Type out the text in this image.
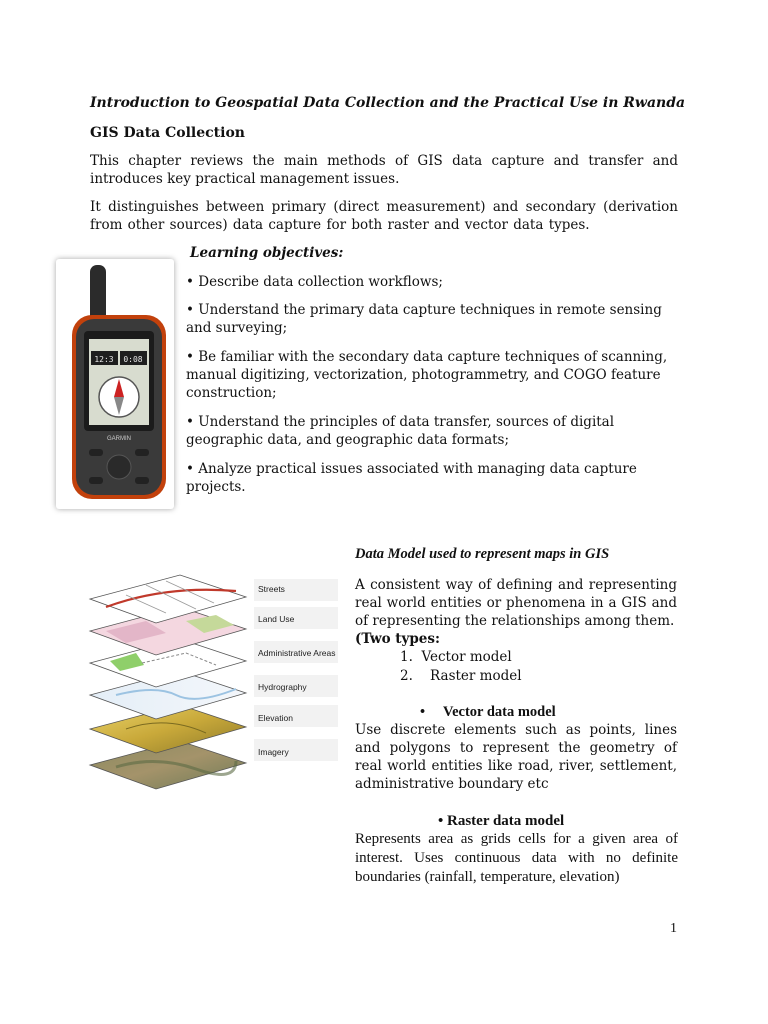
Introduction to Geospatial Data Collection and the Practical Use in Rwanda

GIS Data Collection

This chapter reviews the main methods of GIS data capture and transfer and introduces key practical management issues.

It distinguishes between primary (direct measurement) and secondary (derivation from other sources) data capture for both raster and vector data types.

12:3 0:08
GARMIN

Learning objectives:

• Describe data collection workflows;

• Understand the primary data capture techniques in remote sensing and surveying;

• Be familiar with the secondary data capture techniques of scanning, manual digitizing, vectorization, photogrammetry, and COGO feature construction;

• Understand the principles of data transfer, sources of digital geographic data, and geographic data formats;

• Analyze practical issues associated with managing data capture projects.

Streets
Land Use
Administrative Areas
Hydrography
Elevation
Imagery

Data Model used to represent maps in GIS

A consistent way of defining and representing real world entities or phenomena in a GIS and of representing the relationships among them.

(Two types:

1.  Vector model

2.    Raster model

•     Vector data model

Use discrete elements such as points, lines and polygons to represent the geometry of real world entities like road, river, settlement, administrative boundary etc

• Raster data model

Represents area as grids cells for a given area of interest. Uses continuous data with no definite boundaries (rainfall, temperature, elevation)

1
